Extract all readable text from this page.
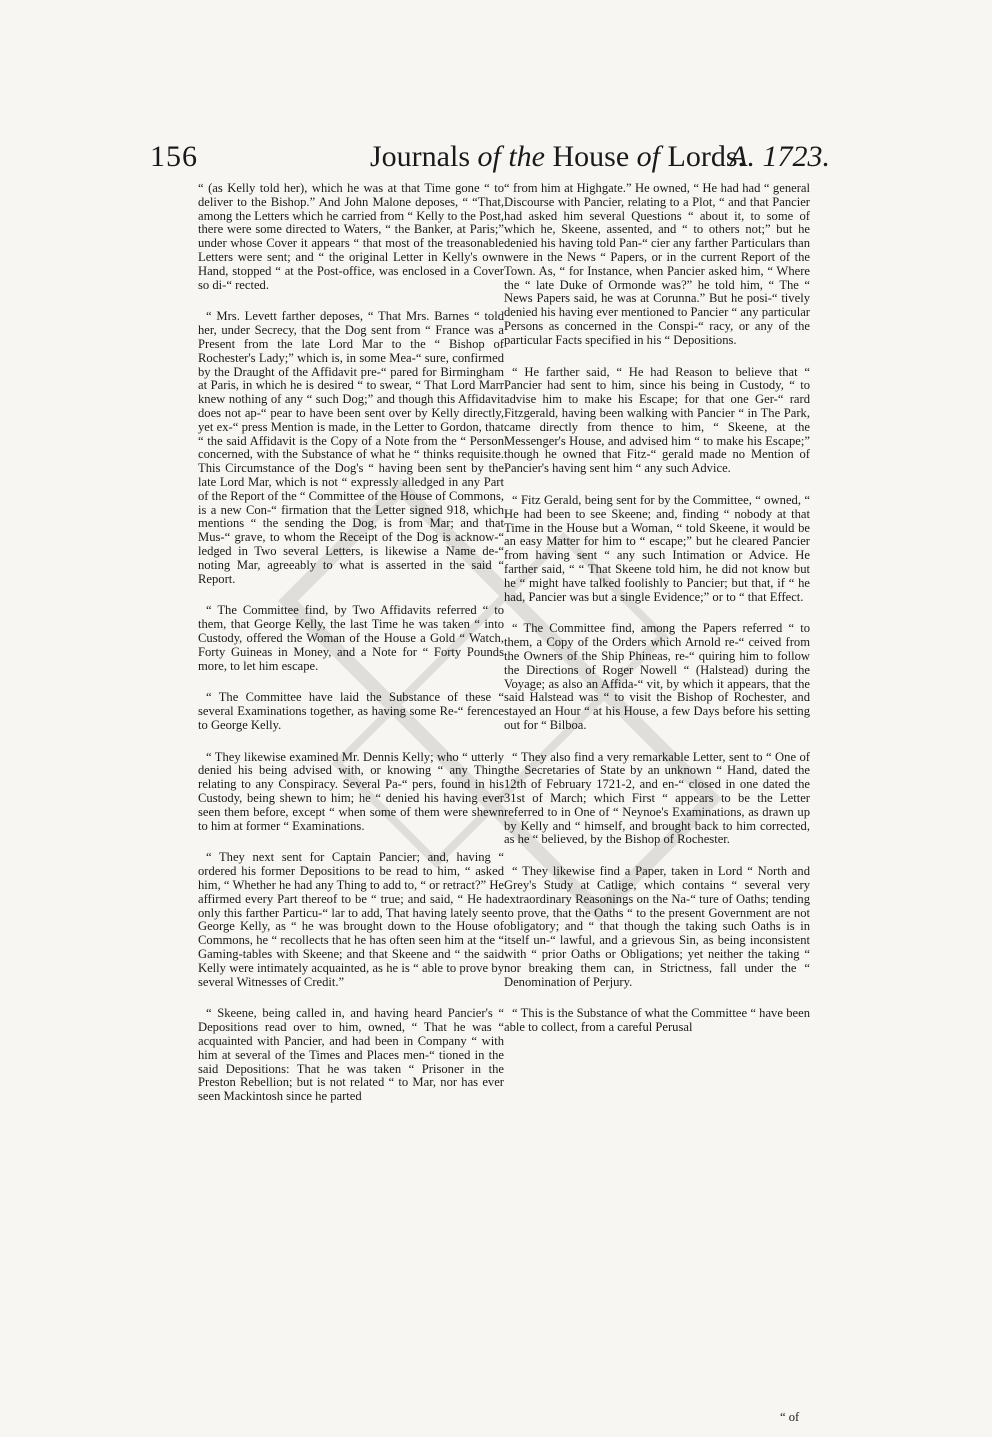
156	Journals of the House of Lords.
A. 1723.

“ (as Kelly told her), which he was at that Time gone “ to deliver to the Bishop.” And John Malone deposes, “ “That, among the Letters which he carried from “ Kelly to the Post, there were some directed to Waters, “ the Banker, at Paris;” under whose Cover it appears “ that most of the treasonable Letters were sent; and “ the original Letter in Kelly's own Hand, stopped “ at the Post-office, was enclosed in a Cover so di-“ rected.

“ Mrs. Levett farther deposes, “ That Mrs. Barnes “ told her, under Secrecy, that the Dog sent from “ France was a Present from the late Lord Mar to the “ Bishop of Rochester's Lady;” which is, in some Mea-“ sure, confirmed by the Draught of the Affidavit pre-“ pared for Birmingham at Paris, in which he is desired “ to swear, “ That Lord Marr knew nothing of any “ such Dog;” and though this Affidavit does not ap-“ pear to have been sent over by Kelly directly, yet ex-“ press Mention is made, in the Letter to Gordon, that “ the said Affidavit is the Copy of a Note from the “ Person concerned, with the Substance of what he “ thinks requisite. This Circumstance of the Dog's “ having been sent by the late Lord Mar, which is not “ expressly alledged in any Part of the Report of the “ Committee of the House of Commons, is a new Con-“ firmation that the Letter signed 918, which mentions “ the sending the Dog, is from Mar; and that Mus-“ grave, to whom the Receipt of the Dog is acknow-“ ledged in Two several Letters, is likewise a Name de-“ noting Mar, agreeably to what is asserted in the said “ Report.

“ The Committee find, by Two Affidavits referred “ to them, that George Kelly, the last Time he was taken “ into Custody, offered the Woman of the House a Gold “ Watch, Forty Guineas in Money, and a Note for “ Forty Pounds more, to let him escape.

“ The Committee have laid the Substance of these “ several Examinations together, as having some Re-“ ference to George Kelly.

“ They likewise examined Mr. Dennis Kelly; who “ utterly denied his being advised with, or knowing “ any Thing relating to any Conspiracy. Several Pa-“ pers, found in his Custody, being shewn to him; he “ denied his having ever seen them before, except “ when some of them were shewn to him at former “ Examinations.

“ They next sent for Captain Pancier; and, having “ ordered his former Depositions to be read to him, “ asked him, “ Whether he had any Thing to add to, “ or retract?” He affirmed every Part thereof to be “ true; and said, “ He had only this farther Particu-“ lar to add, That having lately seen George Kelly, as “ he was brought down to the House of Commons, he “ recollects that he has often seen him at the “ Gaming-tables with Skeene; and that Skeene and “ the said Kelly were intimately acquainted, as he is “ able to prove by several Witnesses of Credit.”

“ Skeene, being called in, and having heard Pancier's “ Depositions read over to him, owned, “ That he was “ acquainted with Pancier, and had been in Company “ with him at several of the Times and Places men-“ tioned in the said Depositions: That he was taken “ Prisoner in the Preston Rebellion; but is not related “ to Mar, nor has ever seen Mackintosh since he parted

“ from him at Highgate.” He owned, “ He had had “ general Discourse with Pancier, relating to a Plot, “ and that Pancier had asked him several Questions “ about it, to some of which he, Skeene, assented, and “ to others not;” but he denied his having told Pan-“ cier any farther Particulars than were in the News “ Papers, or in the current Report of the Town. As, “ for Instance, when Pancier asked him, “ Where the “ late Duke of Ormonde was?” he told him, “ The “ News Papers said, he was at Corunna.” But he posi-“ tively denied his having ever mentioned to Pancier “ any particular Persons as concerned in the Conspi-“ racy, or any of the particular Facts specified in his “ Depositions.

“ He farther said, “ He had Reason to believe that “ Pancier had sent to him, since his being in Custody, “ to advise him to make his Escape; for that one Ger-“ rard Fitzgerald, having been walking with Pancier “ in The Park, came directly from thence to him, “ Skeene, at the Messenger's House, and advised him “ to make his Escape;” though he owned that Fitz-“ gerald made no Mention of Pancier's having sent him “ any such Advice.

“ Fitz Gerald, being sent for by the Committee, “ owned, “ He had been to see Skeene; and, finding “ nobody at that Time in the House but a Woman, “ told Skeene, it would be an easy Matter for him to “ escape;” but he cleared Pancier from having sent “ any such Intimation or Advice. He farther said, “ “ That Skeene told him, he did not know but he “ might have talked foolishly to Pancier; but that, if “ he had, Pancier was but a single Evidence;” or to “ that Effect.

“ The Committee find, among the Papers referred “ to them, a Copy of the Orders which Arnold re-“ ceived from the Owners of the Ship Phineas, re-“ quiring him to follow the Directions of Roger Nowell “ (Halstead) during the Voyage; as also an Affida-“ vit, by which it appears, that the said Halstead was “ to visit the Bishop of Rochester, and stayed an Hour “ at his House, a few Days before his setting out for “ Bilboa.

“ They also find a very remarkable Letter, sent to “ One of the Secretaries of State by an unknown “ Hand, dated the 12th of February 1721-2, and en-“ closed in one dated the 31st of March; which First “ appears to be the Letter referred to in One of “ Neynoe's Examinations, as drawn up by Kelly and “ himself, and brought back to him corrected, as he “ believed, by the Bishop of Rochester.

“ They likewise find a Paper, taken in Lord “ North and Grey's Study at Catlige, which contains “ several very extraordinary Reasonings on the Na-“ ture of Oaths; tending to prove, that the Oaths “ to the present Government are not obligatory; and “ that though the taking such Oaths is in itself un-“ lawful, and a grievous Sin, as being inconsistent with “ prior Oaths or Obligations; yet neither the taking “ nor breaking them can, in Strictness, fall under the “ Denomination of Perjury.

“ This is the Substance of what the Committee “ have been able to collect, from a careful Perusal

“ of
